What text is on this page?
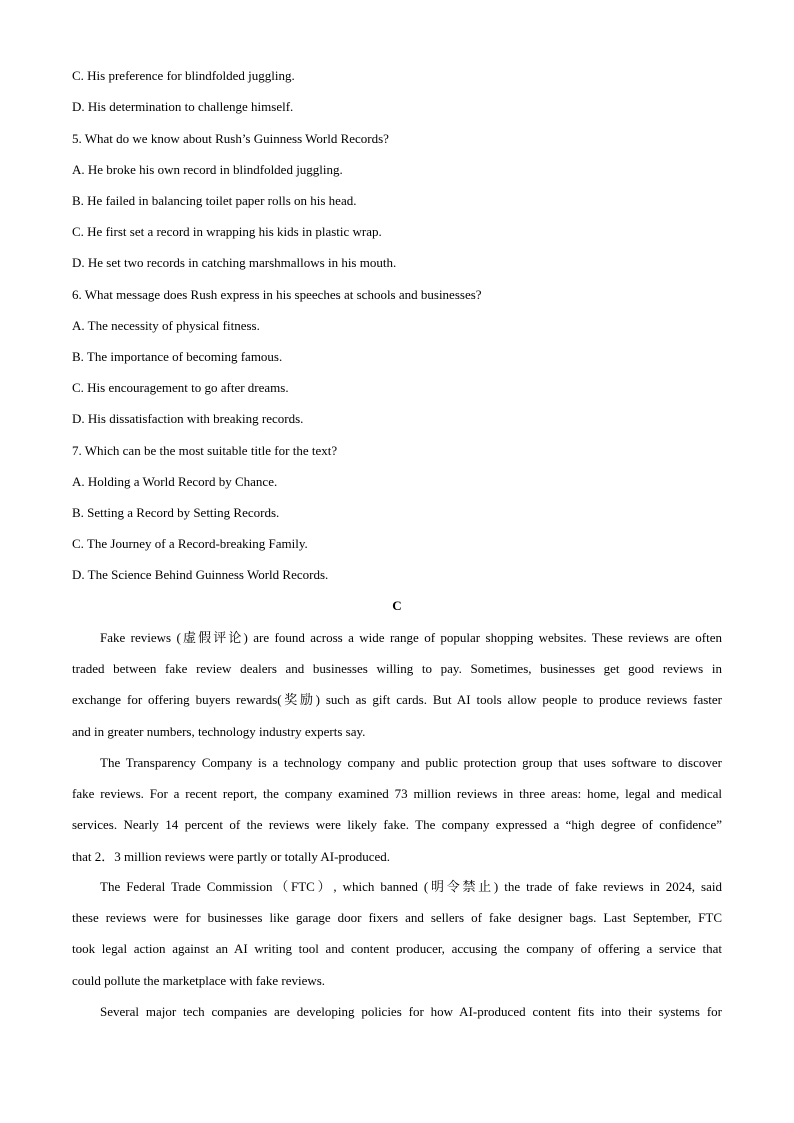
C. His preference for blindfolded juggling.
D. His determination to challenge himself.
5. What do we know about Rush’s Guinness World Records?
A. He broke his own record in blindfolded juggling.
B. He failed in balancing toilet paper rolls on his head.
C. He first set a record in wrapping his kids in plastic wrap.
D. He set two records in catching marshmallows in his mouth.
6. What message does Rush express in his speeches at schools and businesses?
A. The necessity of physical fitness.
B. The importance of becoming famous.
C. His encouragement to go after dreams.
D. His dissatisfaction with breaking records.
7. Which can be the most suitable title for the text?
A. Holding a World Record by Chance.
B. Setting a Record by Setting Records.
C. The Journey of a Record-breaking Family.
D. The Science Behind Guinness World Records.
C
Fake reviews (虚假评论) are found across a wide range of popular shopping websites. These reviews are often
traded between fake review dealers and businesses willing to pay. Sometimes, businesses get good reviews in
exchange for offering buyers rewards(奖励) such as gift cards. But AI tools allow people to produce reviews faster
and in greater numbers, technology industry experts say.
The Transparency Company is a technology company and public protection group that uses software to discover
fake reviews. For a recent report, the company examined 73 million reviews in three areas: home, legal and medical
services. Nearly 14 percent of the reviews were likely fake. The company expressed a “high degree of confidence”
that 2．3 million reviews were partly or totally AI-produced.
The Federal Trade Commission（FTC）, which banned (明令禁止) the trade of fake reviews in 2024, said
these reviews were for businesses like garage door fixers and sellers of fake designer bags. Last September, FTC
took legal action against an AI writing tool and content producer, accusing the company of offering a service that
could pollute the marketplace with fake reviews.
Several major tech companies are developing policies for how AI-produced content fits into their systems for
